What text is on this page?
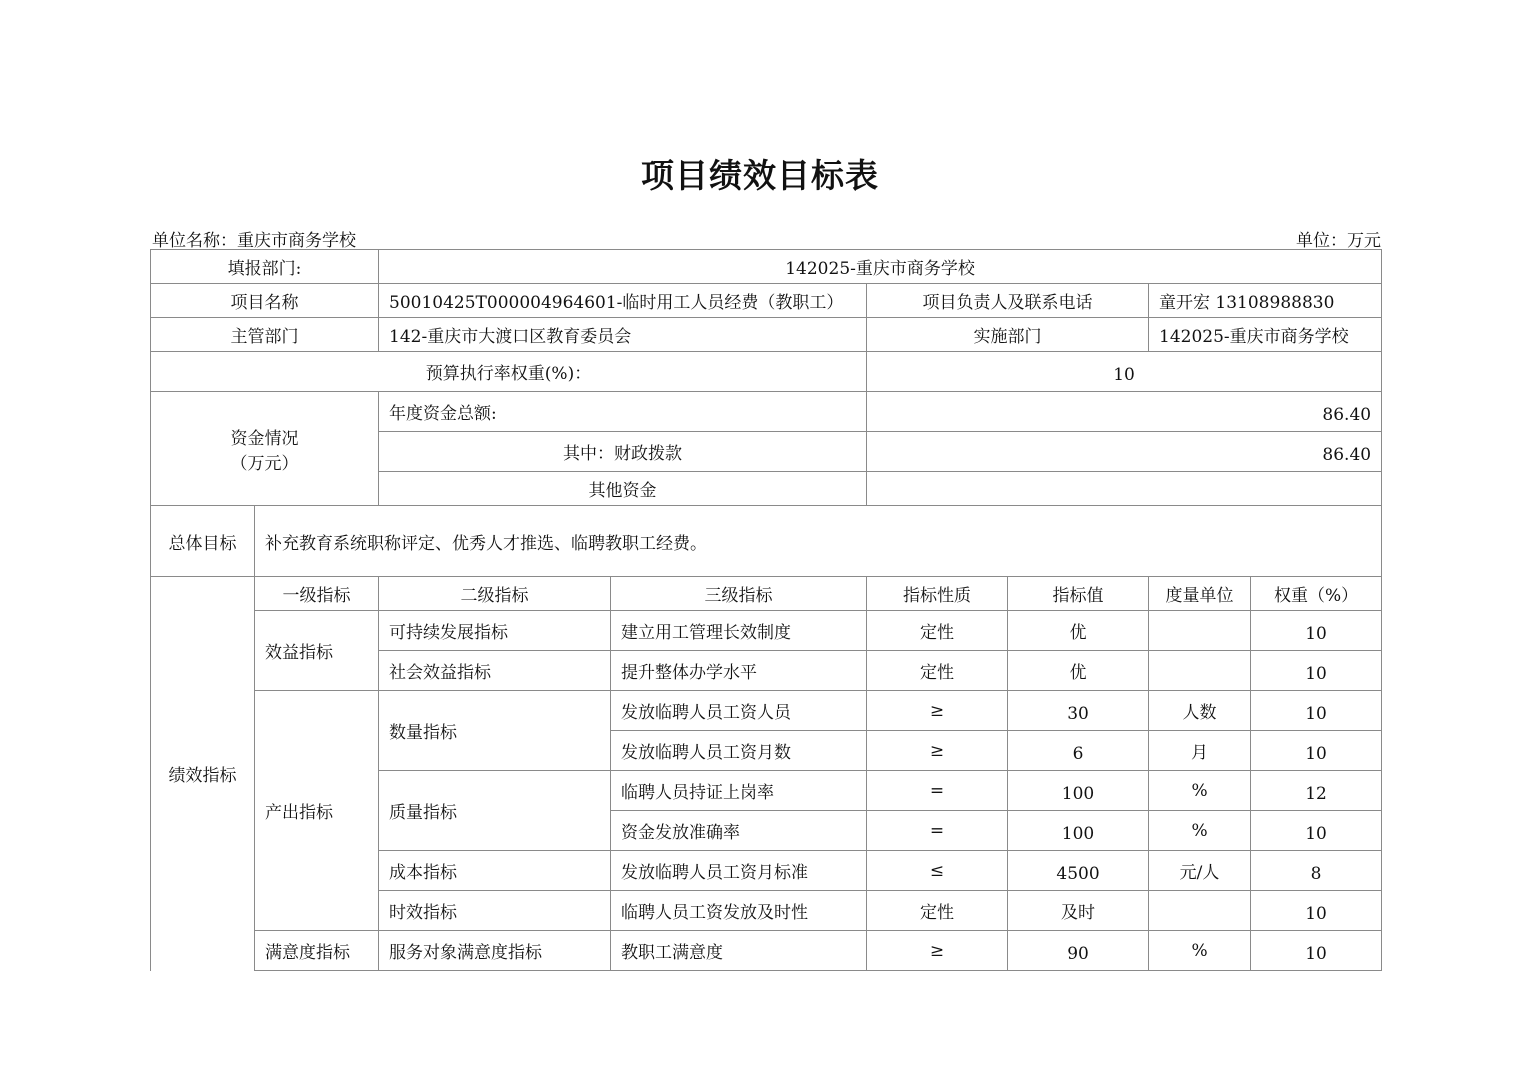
项目绩效目标表
单位名称：重庆市商务学校	单位：万元
填报部门:		142025-重庆市商务学校					
项目名称		50010425T000004964601-临时用工人员经费（教职工）		项目负责人及联系电话		童开宏 13108988830	
主管部门		142-重庆市大渡口区教育委员会		实施部门		142025-重庆市商务学校	
预算执行率权重(%)：				10			

资金情况
（万元）		年度资金总额:		86.40			
		其中：财政拨款		86.40			
		其他资金					
总体目标	补充教育系统职称评定、优秀人才推选、临聘教职工经费。						
绩效指标	一级指标	二级指标	三级指标	指标性质	指标值	度量单位	权重（%）
	效益指标	可持续发展指标	建立用工管理长效制度	定性	优		10
		社会效益指标	提升整体办学水平	定性	优		10
	产出指标	数量指标	发放临聘人员工资人员	≥	30	人数	10
			发放临聘人员工资月数	≥	6	月	10
		质量指标	临聘人员持证上岗率	=	100	%	12
			资金发放准确率	=	100	%	10
		成本指标	发放临聘人员工资月标准	≤	4500	元/人	8
		时效指标	临聘人员工资发放及时性	定性	及时		10
	满意度指标	服务对象满意度指标	教职工满意度	≥	90	%	10
